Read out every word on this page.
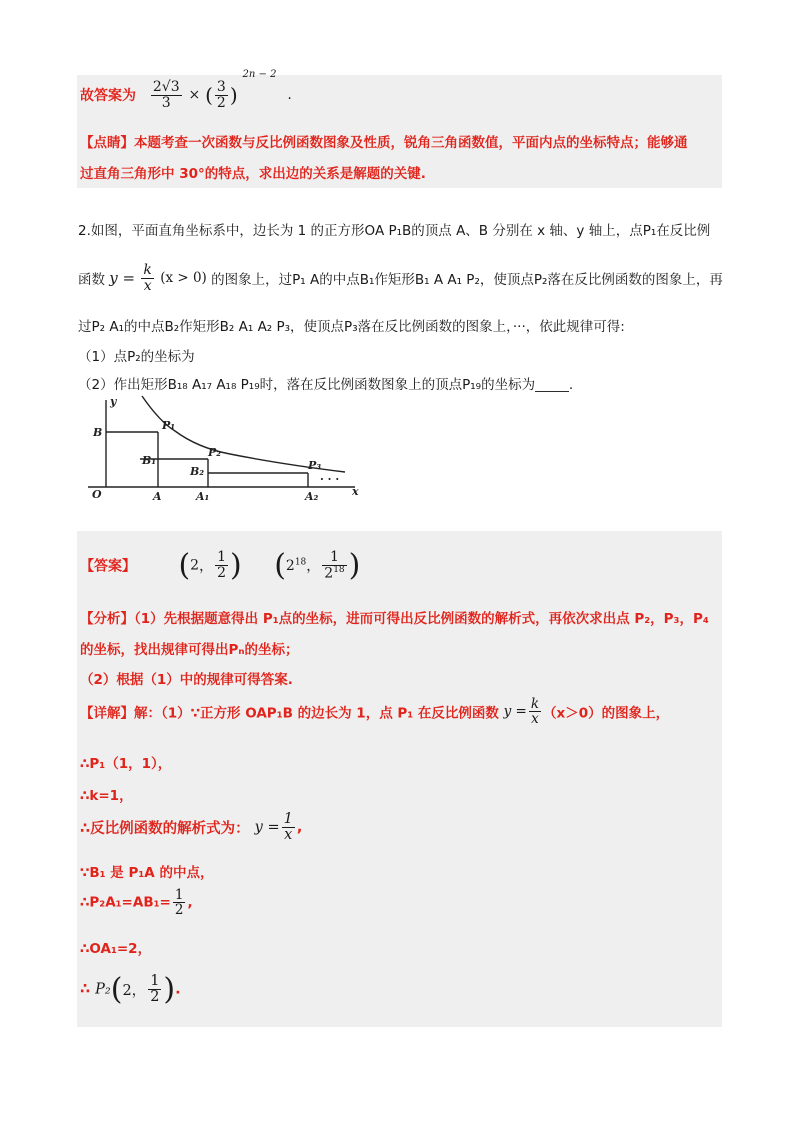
故答案为 $\frac{2√3}{3}$ × ( $\frac{3}{2}$ ) $^{2n - 2}$ .
【点睛】本题考查一次函数与反比例函数图象及性质，锐角三角函数值，平面内点的坐标特点；能够通
过直角三角形中 30°的特点，求出边的关系是解题的关键.
2.如图，平面直角坐标系中，边长为 1 的正方形OA P₁B的顶点 A、B 分别在 x 轴、y 轴上，点P₁在反比例
函数 $y = \frac{k}{x} (x > 0)$ 的图象上，过P₁ A的中点B₁作矩形B₁ A A₁ P₂，使顶点P₂落在反比例函数的图象上，再
过P₂ A₁的中点B₂作矩形B₂ A₁ A₂ P₃，使顶点P₃落在反比例函数的图象上，···，依此规律可得:
（1）点P₂的坐标为
（2）作出矩形B₁₈ A₁₇ A₁₈ P₁₉时，落在反比例函数图象上的顶点P₁₉的坐标为_____.
y
x
O
B
B₁
B₂
P₁
P₂
P₃
A	A₁	A₂
· · ·
【答案】 (2， $\frac{1}{2}$ ) ($2^{18}$， $\frac{1}{2^{18}}$ )
【分析】（1）先根据题意得出 P₁点的坐标，进而可得出反比例函数的解析式，再依次求出点 P₂，P₃，P₄
的坐标，找出规律可得出Pₙ的坐标；
（2）根据（1）中的规律可得答案.
【详解】解：（1）∵正方形 OAP₁B 的边长为 1，点 P₁ 在反比例函数 $y = \frac{k}{x} (x>0)$的图象上，
∴P₁（1，1），
∴k=1，
∴反比例函数的解析式为： $y = \frac{1}{x}$ ,
∵B₁ 是 P₁A 的中点，
∴P₂A₁=AB₁= $\frac{1}{2}$ ,
∴OA₁=2，
∴ P₂(2， $\frac{1}{2}$ ).
